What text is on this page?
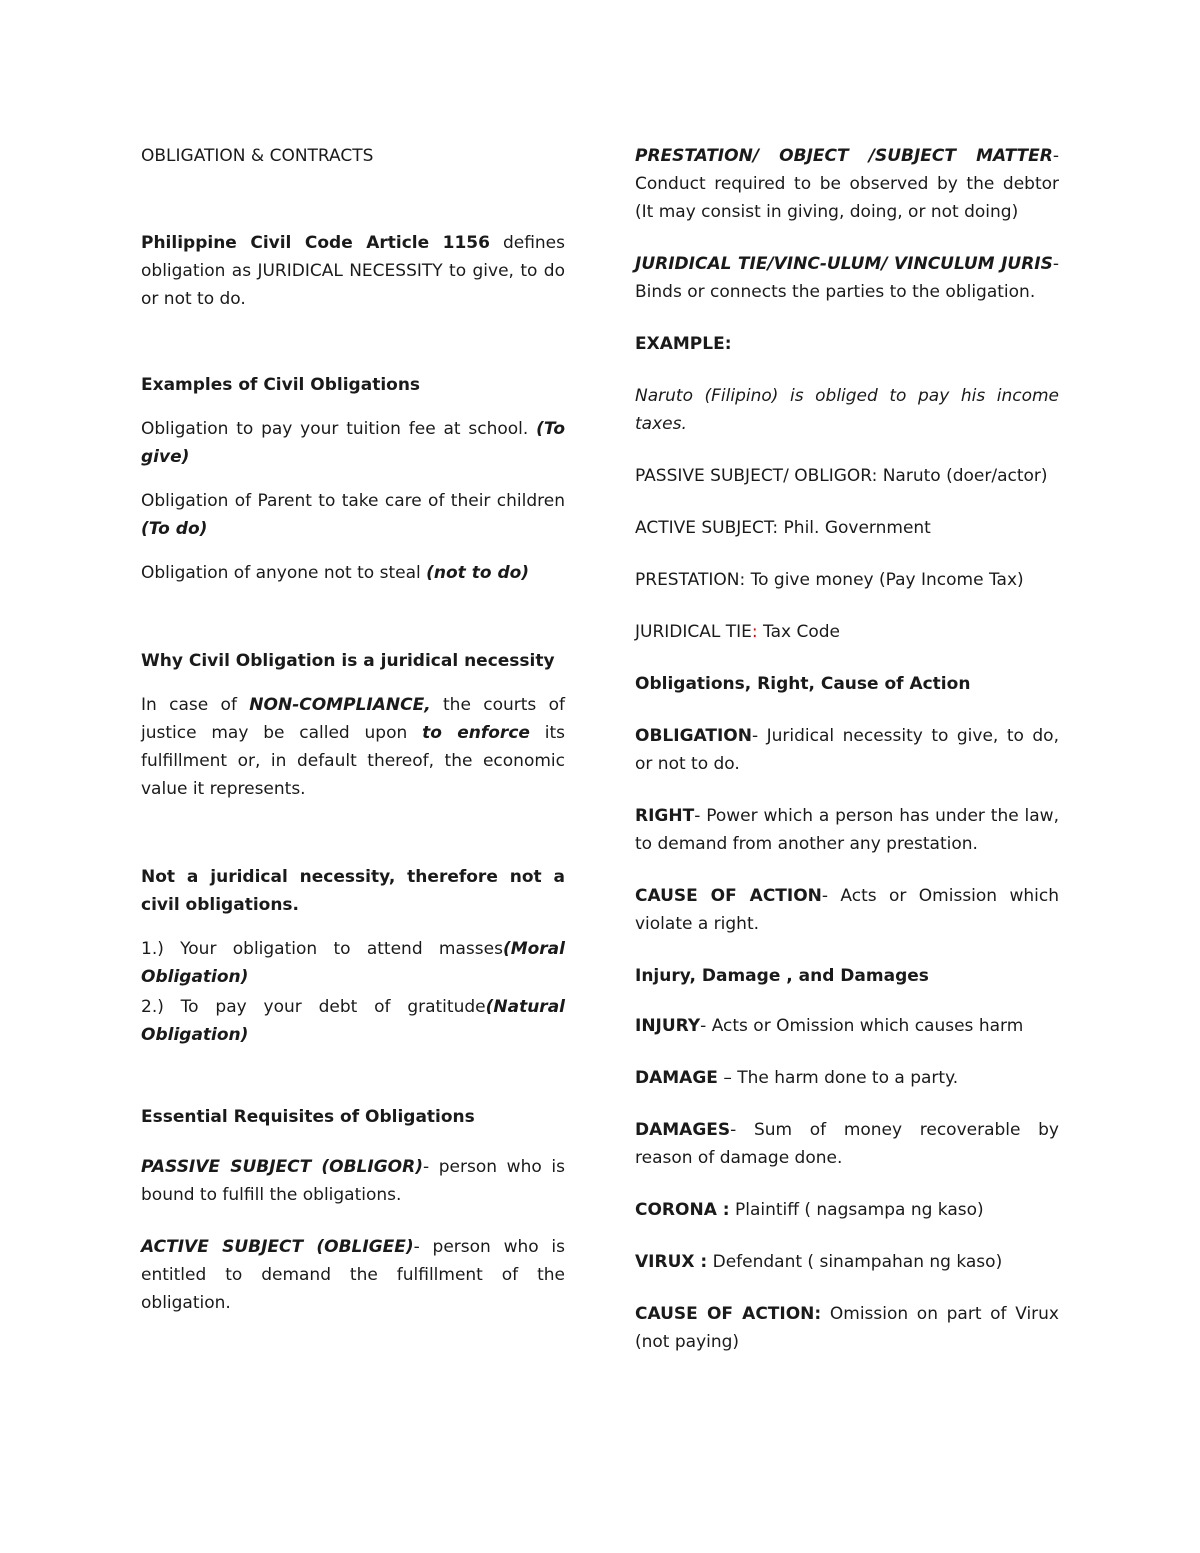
OBLIGATION & CONTRACTS

Philippine Civil Code Article 1156 defines obligation as JURIDICAL NECESSITY to give, to do or not to do.

Examples of Civil Obligations

Obligation to pay your tuition fee at school. (To give)

Obligation of Parent to take care of their children (To do)

Obligation of anyone not to steal (not to do)

Why Civil Obligation is a juridical necessity

In case of NON-COMPLIANCE, the courts of justice may be called upon to enforce its fulfillment or, in default thereof, the economic value it represents.

Not a juridical necessity, therefore not a civil obligations.

1.) Your obligation to attend masses(Moral Obligation)

2.) To pay your debt of gratitude(Natural Obligation)

Essential Requisites of Obligations

PASSIVE SUBJECT (OBLIGOR)- person who is bound to fulfill the obligations.

ACTIVE SUBJECT (OBLIGEE)- person who is entitled to demand the fulfillment of the obligation.

PRESTATION/ OBJECT /SUBJECT MATTER- Conduct required to be observed by the debtor (It may consist in giving, doing, or not doing)

JURIDICAL TIE/VINC-ULUM/ VINCULUM JURIS- Binds or connects the parties to the obligation.

EXAMPLE:

Naruto (Filipino) is obliged to pay his income taxes.

PASSIVE SUBJECT/ OBLIGOR: Naruto (doer/actor)

ACTIVE SUBJECT: Phil. Government

PRESTATION: To give money (Pay Income Tax)

JURIDICAL TIE: Tax Code

Obligations, Right, Cause of Action

OBLIGATION- Juridical necessity to give, to do, or not to do.

RIGHT- Power which a person has under the law, to demand from another any prestation.

CAUSE OF ACTION- Acts or Omission which violate a right.

Injury, Damage , and Damages

INJURY- Acts or Omission which causes harm

DAMAGE – The harm done to a party.

DAMAGES- Sum of money recoverable by reason of damage done.

CORONA : Plaintiff ( nagsampa ng kaso)

VIRUX : Defendant ( sinampahan ng kaso)

CAUSE OF ACTION: Omission on part of Virux (not paying)
